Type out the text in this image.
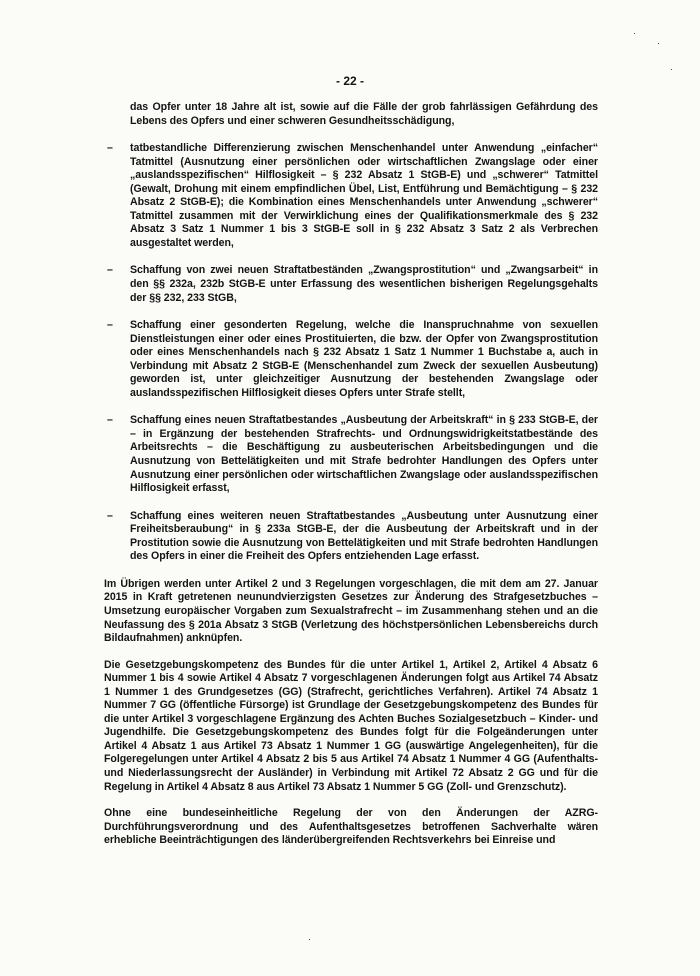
- 22 -
·
·
·

das Opfer unter 18 Jahre alt ist, sowie auf die Fälle der grob fahrlässigen Gefährdung des Lebens des Opfers und einer schweren Gesundheitsschädigung,

–	tatbestandliche Differenzierung zwischen Menschenhandel unter Anwendung „einfacher“ Tatmittel (Ausnutzung einer persönlichen oder wirtschaftlichen Zwangslage oder einer „auslandsspezifischen“ Hilflosigkeit – § 232 Absatz 1 StGB-E) und „schwerer“ Tatmittel (Gewalt, Drohung mit einem empfindlichen Übel, List, Entführung und Bemächtigung – § 232 Absatz 2 StGB-E); die Kombination eines Menschenhandels unter Anwendung „schwerer“ Tatmittel zusammen mit der Verwirklichung eines der Qualifikationsmerkmale des § 232 Absatz 3 Satz 1 Nummer 1 bis 3 StGB-E soll in § 232 Absatz 3 Satz 2 als Verbrechen ausgestaltet werden,
–	Schaffung von zwei neuen Straftatbeständen „Zwangsprostitution“ und „Zwangsarbeit“ in den §§ 232a, 232b StGB-E unter Erfassung des wesentlichen bisherigen Regelungsgehalts der §§ 232, 233 StGB,
–	Schaffung einer gesonderten Regelung, welche die Inanspruchnahme von sexuellen Dienstleistungen einer oder eines Prostituierten, die bzw. der Opfer von Zwangsprostitution oder eines Menschenhandels nach § 232 Absatz 1 Satz 1 Nummer 1 Buchstabe a, auch in Verbindung mit Absatz 2 StGB-E (Menschenhandel zum Zweck der sexuellen Ausbeutung) geworden ist, unter gleichzeitiger Ausnutzung der bestehenden Zwangslage oder auslandsspezifischen Hilflosigkeit dieses Opfers unter Strafe stellt,
–	Schaffung eines neuen Straftatbestandes „Ausbeutung der Arbeitskraft“ in § 233 StGB-E, der – in Ergänzung der bestehenden Strafrechts- und Ordnungswidrigkeitstatbestände des Arbeitsrechts – die Beschäftigung zu ausbeuterischen Arbeitsbedingungen und die Ausnutzung von Bettelätigkeiten und mit Strafe bedrohter Handlungen des Opfers unter Ausnutzung einer persönlichen oder wirtschaftlichen Zwangslage oder auslandsspezifischen Hilflosigkeit erfasst,
–	Schaffung eines weiteren neuen Straftatbestandes „Ausbeutung unter Ausnutzung einer Freiheitsberaubung“ in § 233a StGB-E, der die Ausbeutung der Arbeitskraft und in der Prostitution sowie die Ausnutzung von Bettelätigkeiten und mit Strafe bedrohten Handlungen des Opfers in einer die Freiheit des Opfers entziehenden Lage erfasst.

Im Übrigen werden unter Artikel 2 und 3 Regelungen vorgeschlagen, die mit dem am 27. Januar 2015 in Kraft getretenen neunundvierzigsten Gesetzes zur Änderung des Strafgesetzbuches – Umsetzung europäischer Vorgaben zum Sexualstrafrecht – im Zusammenhang stehen und an die Neufassung des § 201a Absatz 3 StGB (Verletzung des höchstpersönlichen Lebensbereichs durch Bildaufnahmen) anknüpfen.

Die Gesetzgebungskompetenz des Bundes für die unter Artikel 1, Artikel 2, Artikel 4 Absatz 6 Nummer 1 bis 4 sowie Artikel 4 Absatz 7 vorgeschlagenen Änderungen folgt aus Artikel 74 Absatz 1 Nummer 1 des Grundgesetzes (GG) (Strafrecht, gerichtliches Verfahren). Artikel 74 Absatz 1 Nummer 7 GG (öffentliche Fürsorge) ist Grundlage der Gesetzgebungskompetenz des Bundes für die unter Artikel 3 vorgeschlagene Ergänzung des Achten Buches Sozialgesetzbuch – Kinder- und Jugendhilfe. Die Gesetzgebungskompetenz des Bundes folgt für die Folgeänderungen unter Artikel 4 Absatz 1 aus Artikel 73 Absatz 1 Nummer 1 GG (auswärtige Angelegenheiten), für die Folgeregelungen unter Artikel 4 Absatz 2 bis 5 aus Artikel 74 Absatz 1 Nummer 4 GG (Aufenthalts- und Niederlassungsrecht der Ausländer) in Verbindung mit Artikel 72 Absatz 2 GG und für die Regelung in Artikel 4 Absatz 8 aus Artikel 73 Absatz 1 Nummer 5 GG (Zoll- und Grenzschutz).

Ohne eine bundeseinheitliche Regelung der von den Änderungen der AZRG-Durchführungsverordnung und des Aufenthaltsgesetzes betroffenen Sachverhalte wären erhebliche Beeinträchtigungen des länderübergreifenden Rechtsverkehrs bei Einreise und

·
